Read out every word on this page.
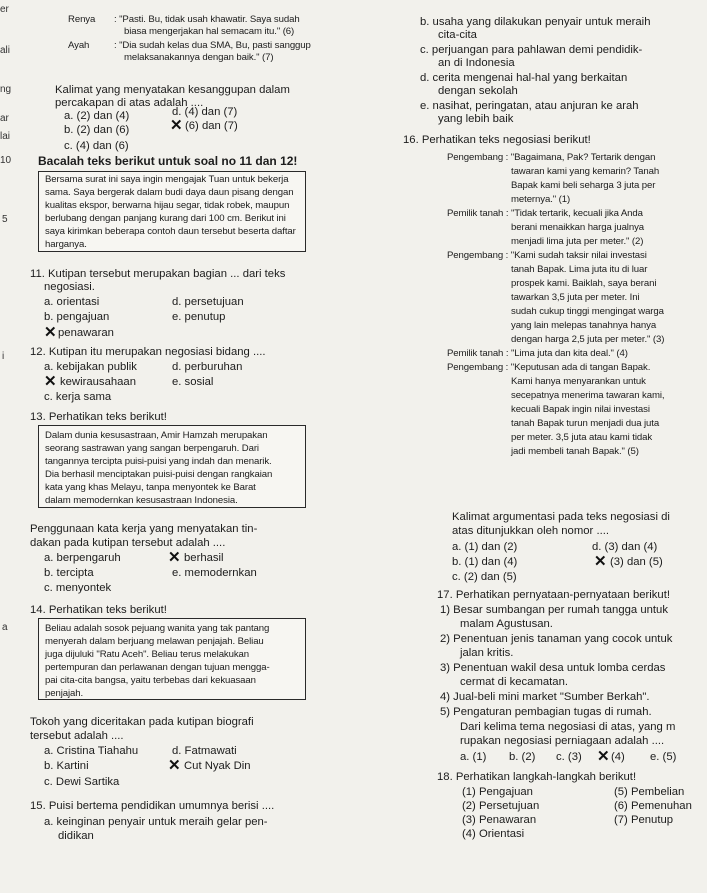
er
ali
ng
ar
lai
10
5
i
a
Renya : "Pasti. Bu, tidak usah khawatir. Saya sudah
biasa mengerjakan hal semacam itu." (6)
Ayah	: "Dia sudah kelas dua SMA, Bu, pasti sanggup
melaksanakannya dengan baik." (7)
Kalimat yang menyatakan kesanggupan dalam
percakapan di atas adalah ....
a. (2) dan (4)	d. (4) dan (7)
b. (2) dan (6)	✕ (6) dan (7)
c. (4) dan (6)
Bacalah teks berikut untuk soal no 11 dan 12!
Bersama surat ini saya ingin mengajak Tuan untuk bekerja
sama. Saya bergerak dalam budi daya daun pisang dengan
kualitas ekspor, berwarna hijau segar, tidak robek, maupun
berlubang dengan panjang kurang dari 100 cm. Berikut ini
saya kirimkan beberapa contoh daun tersebut beserta daftar
harganya.
11. Kutipan tersebut merupakan bagian ... dari teks
negosiasi.
a. orientasi	d. persetujuan
b. pengajuan	e. penutup
✕ penawaran
12. Kutipan itu merupakan negosiasi bidang ....
a. kebijakan publik	d. perburuhan
✕ kewirausahaan	e. sosial
c. kerja sama
13. Perhatikan teks berikut!
Dalam dunia kesusastraan, Amir Hamzah merupakan
seorang sastrawan yang sangan berpengaruh. Dari
tangannya tercipta puisi-puisi yang indah dan menarik.
Dia berhasil menciptakan puisi-puisi dengan rangkaian
kata yang khas Melayu, tanpa menyontek ke Barat
dalam memodernkan kesusastraan Indonesia.
Penggunaan kata kerja yang menyatakan tin-
dakan pada kutipan tersebut adalah ....
a. berpengaruh	✕ berhasil
b. tercipta	e. memodernkan
c. menyontek
14. Perhatikan teks berikut!
Beliau adalah sosok pejuang wanita yang tak pantang
menyerah dalam berjuang melawan penjajah. Beliau
juga dijuluki "Ratu Aceh". Beliau terus melakukan
pertempuran dan perlawanan dengan tujuan mengga-
pai cita-cita bangsa, yaitu terbebas dari kekuasaan
penjajah.
Tokoh yang diceritakan pada kutipan biografi
tersebut adalah ....
a. Cristina Tiahahu	d. Fatmawati
b. Kartini	✕ Cut Nyak Din
c. Dewi Sartika
15. Puisi bertema pendidikan umumnya berisi ....
a. keinginan penyair untuk meraih gelar pen-
didikan
b. usaha yang dilakukan penyair untuk meraih
cita-cita
c. perjuangan para pahlawan demi pendidik-
an di Indonesia
d. cerita mengenai hal-hal yang berkaitan
dengan sekolah
e. nasihat, peringatan, atau anjuran ke arah
yang lebih baik
16. Perhatikan teks negosiasi berikut!
Pengembang : "Bagaimana, Pak? Tertarik dengan
tawaran kami yang kemarin? Tanah
Bapak kami beli seharga 3 juta per
meternya." (1)
Pemilik tanah : "Tidak tertarik, kecuali jika Anda
berani menaikkan harga jualnya
menjadi lima juta per meter." (2)
Pengembang : "Kami sudah taksir nilai investasi
tanah Bapak. Lima juta itu di luar
prospek kami. Baiklah, saya berani
tawarkan 3,5 juta per meter. Ini
sudah cukup tinggi mengingat warga
yang lain melepas tanahnya hanya
dengan harga 2,5 juta per meter." (3)
Pemilik tanah : "Lima juta dan kita deal." (4)
Pengembang : "Keputusan ada di tangan Bapak.
Kami hanya menyarankan untuk
secepatnya menerima tawaran kami,
kecuali Bapak ingin nilai investasi
tanah Bapak turun menjadi dua juta
per meter. 3,5 juta atau kami tidak
jadi membeli tanah Bapak." (5)
Kalimat argumentasi pada teks negosiasi di
atas ditunjukkan oleh nomor ....
a. (1) dan (2)	d. (3) dan (4)
b. (1) dan (4)	✕ (3) dan (5)
c. (2) dan (5)
17. Perhatikan pernyataan-pernyataan berikut!
1) Besar sumbangan per rumah tangga untuk
malam Agustusan.
2) Penentuan jenis tanaman yang cocok untuk
jalan kritis.
3) Penentuan wakil desa untuk lomba cerdas
cermat di kecamatan.
4) Jual-beli mini market "Sumber Berkah".
5) Pengaturan pembagian tugas di rumah.
Dari kelima tema negosiasi di atas, yang m
rupakan negosiasi perniagaan adalah ....
a. (1) b. (2) c. (3) ✕ (4) e. (5)
18. Perhatikan langkah-langkah berikut!
(1) Pengajuan	(5) Pembelian
(2) Persetujuan	(6) Pemenuhan
(3) Penawaran	(7) Penutup
(4) Orientasi
